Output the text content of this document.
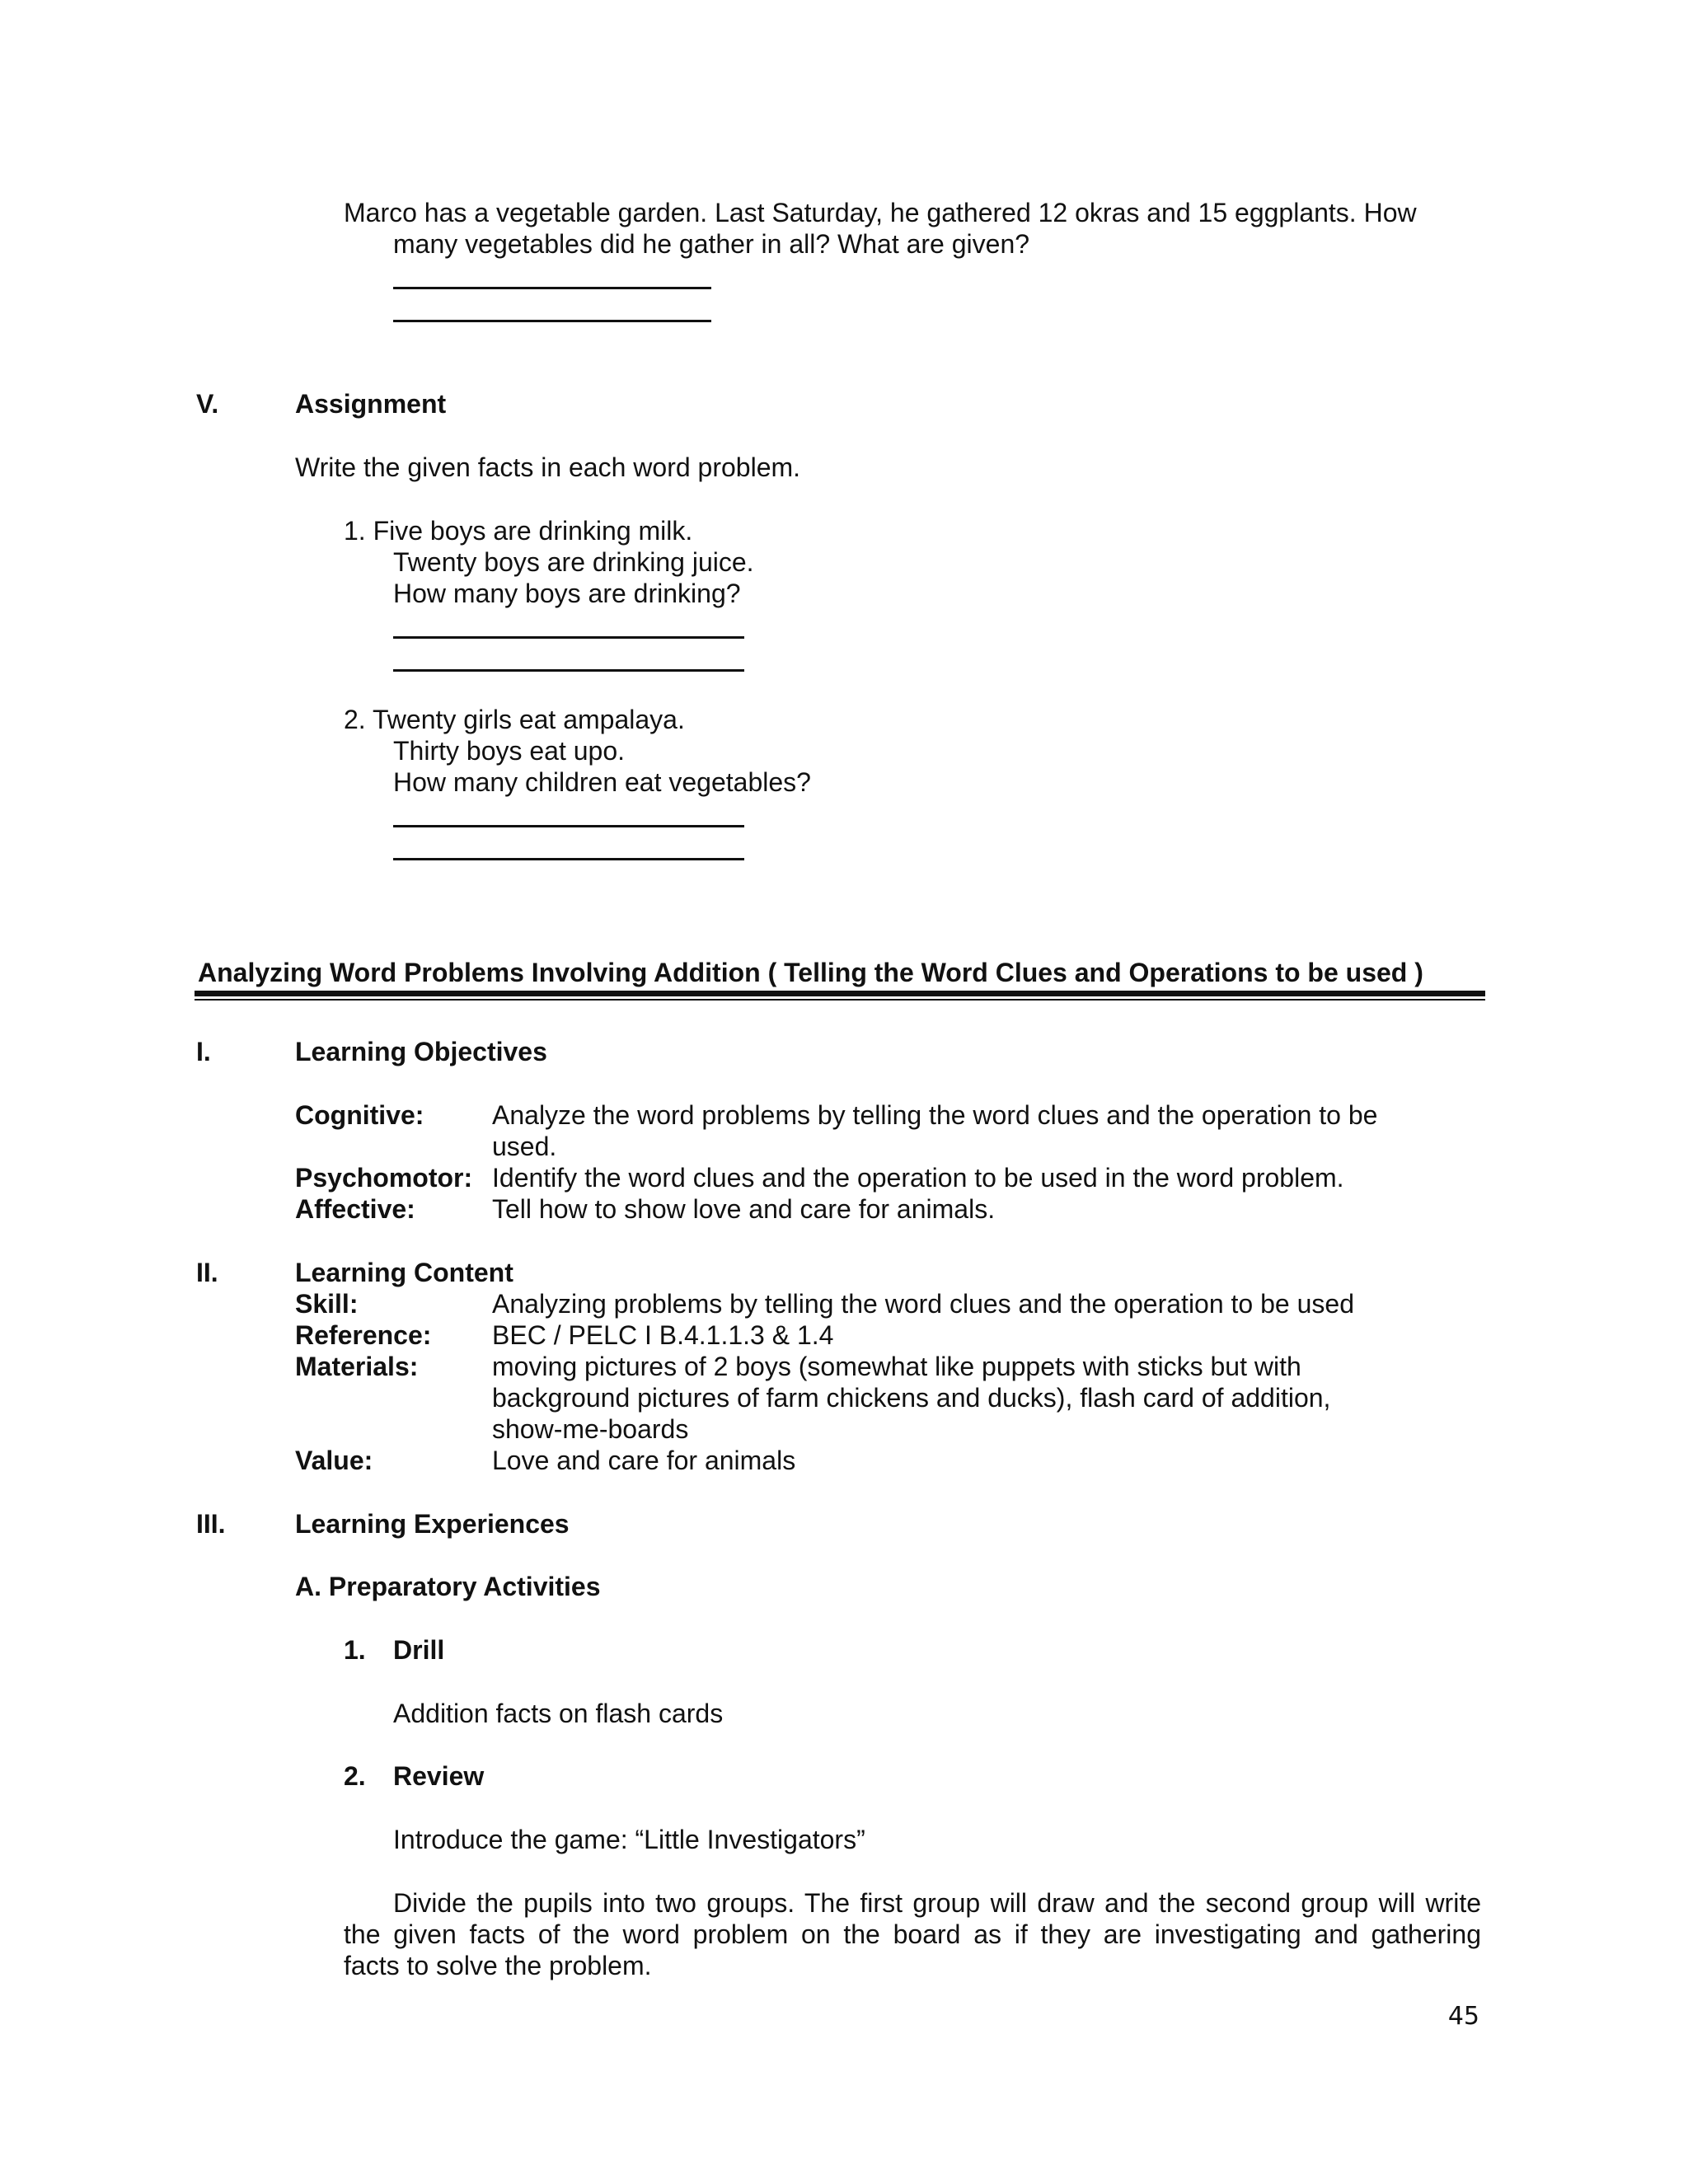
Marco has a vegetable garden. Last Saturday, he gathered 12 okras and 15 eggplants. How
many vegetables did he gather in all? What are given?
V.	Assignment
Write the given facts in each word problem.
1. Five boys are drinking milk.
Twenty boys are drinking juice.
How many boys are drinking?
2. Twenty girls eat ampalaya.
Thirty boys eat upo.
How many children eat vegetables?
Analyzing Word Problems Involving Addition ( Telling the Word Clues and Operations to be used )
I.	Learning Objectives
Cognitive:	Analyze the word problems by telling the word clues and the operation to be
used.
Psychomotor: Identify the word clues and the operation to be used in the word problem.
Affective:	Tell how to show love and care for animals.
II.	Learning Content
Skill:	Analyzing problems by telling the word clues and the operation to be used
Reference: BEC / PELC I B.4.1.1.3 & 1.4
Materials:	moving pictures of 2 boys (somewhat like puppets with sticks but with
background pictures of farm chickens and ducks), flash card of addition,
show-me-boards
Value:	Love and care for animals
III.	Learning Experiences
A. Preparatory Activities
1. Drill
Addition facts on flash cards
2. Review
Introduce the game: “Little Investigators”
Divide the pupils into two groups. The first group will draw and the second group will write
the given facts of the word problem on the board as if they are investigating and gathering
facts to solve the problem.
45
